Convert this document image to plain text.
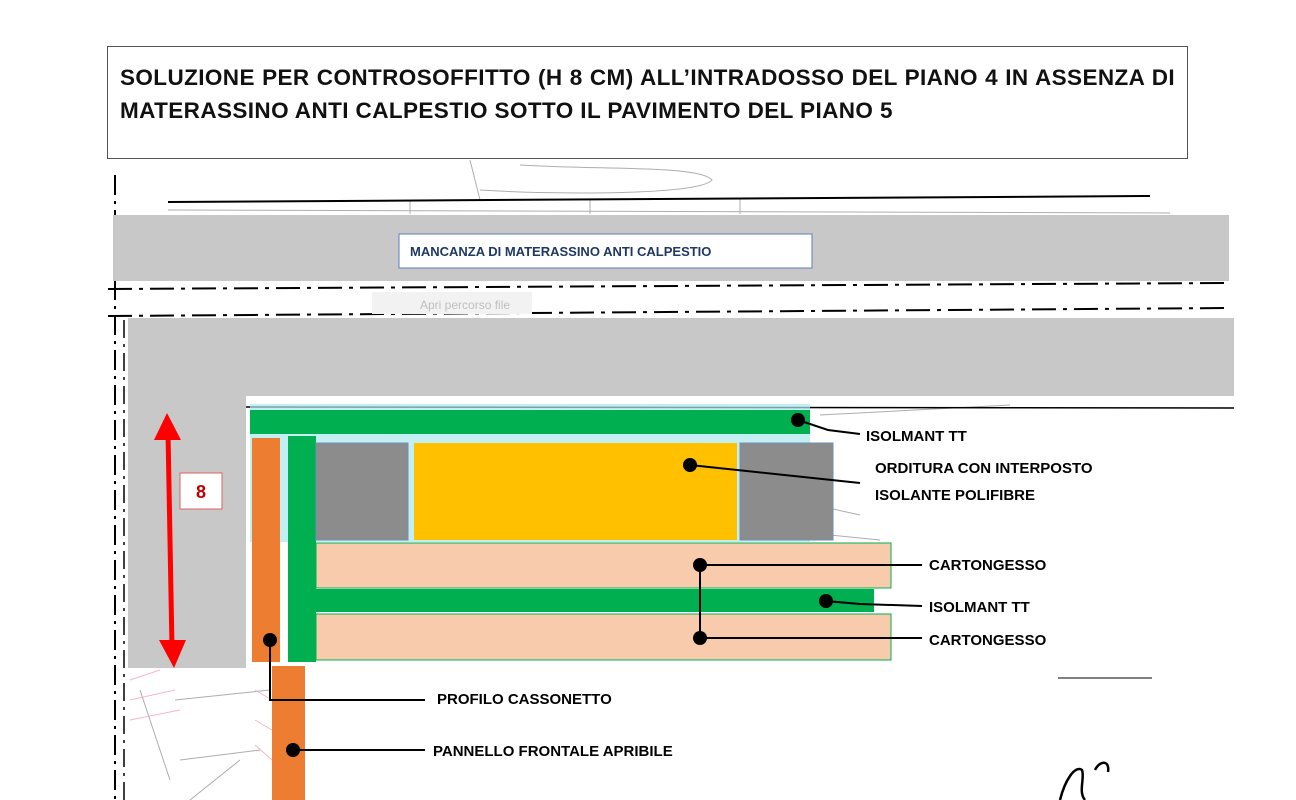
Apri percorso file
8
MANCANZA DI MATERASSINO ANTI CALPESTIO
ISOLMANT TT
ORDITURA CON INTERPOSTO
ISOLANTE POLIFIBRE
CARTONGESSO
ISOLMANT TT
CARTONGESSO
PROFILO CASSONETTO
PANNELLO FRONTALE APRIBILE
SOLUZIONE PER CONTROSOFFITTO (H 8 CM) ALL’INTRADOSSO DEL PIANO 4 IN ASSENZA DI MATERASSINO ANTI CALPESTIO SOTTO IL PAVIMENTO DEL PIANO 5
